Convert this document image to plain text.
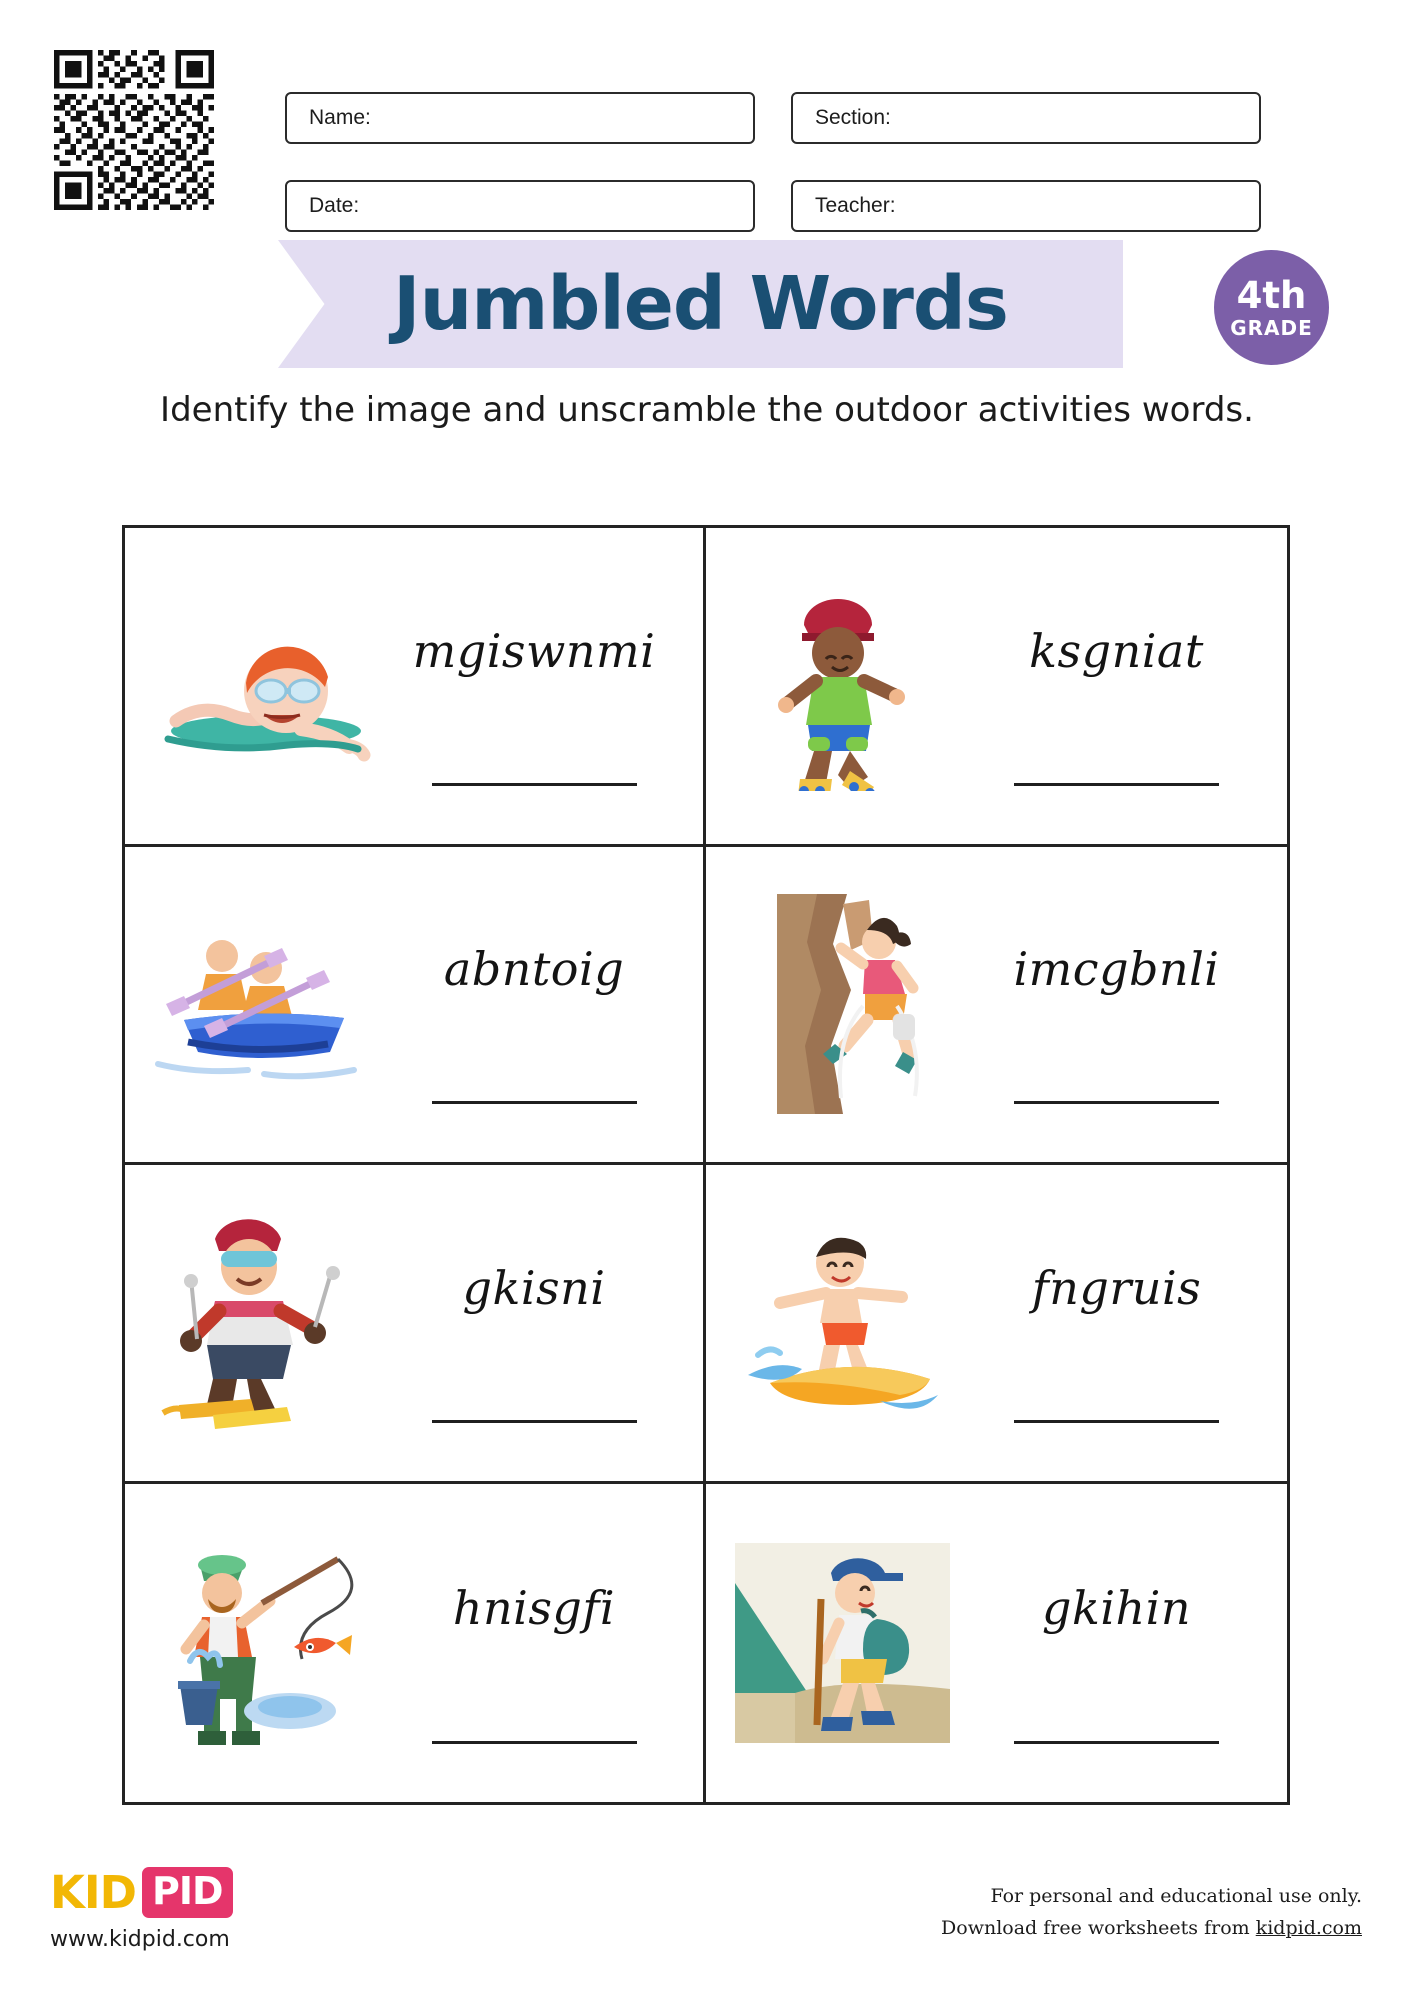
Name:	Section:
Date:	Teacher:
Jumbled Words	4th
GRADE
Identify the image and unscramble the outdoor activities words.
mgiswnmi	ksgniat
abntoig	imcgbnli
gkisni	fngruis
hnisgfi	gkihin
KID PID
www.kidpid.com
For personal and educational use only.
Download free worksheets from kidpid.com
